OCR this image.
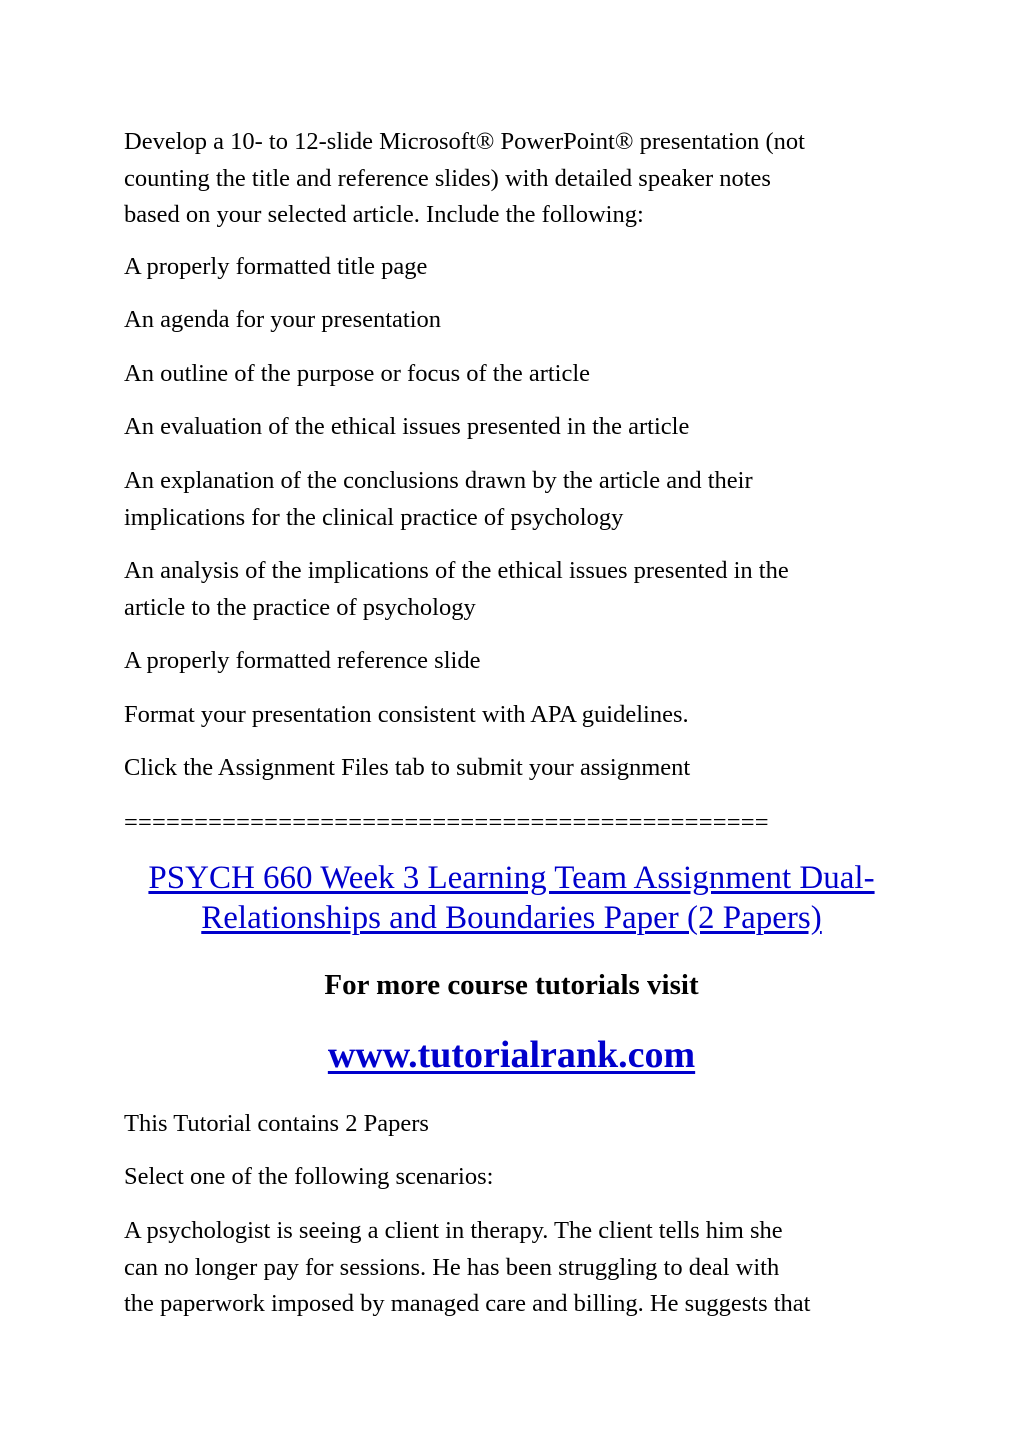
Develop a 10- to 12-slide Microsoft® PowerPoint® presentation (not
counting the title and reference slides) with detailed speaker notes
based on your selected article. Include the following:

A properly formatted title page

An agenda for your presentation

An outline of the purpose or focus of the article

An evaluation of the ethical issues presented in the article

An explanation of the conclusions drawn by the article and their
implications for the clinical practice of psychology

An analysis of the implications of the ethical issues presented in the
article to the practice of psychology

A properly formatted reference slide

Format your presentation consistent with APA guidelines.

Click the Assignment Files tab to submit your assignment

==============================================
PSYCH 660 Week 3 Learning Team Assignment Dual-
Relationships and Boundaries Paper (2 Papers)
For more course tutorials visit
www.tutorialrank.com

This Tutorial contains 2 Papers

Select one of the following scenarios:

A psychologist is seeing a client in therapy. The client tells him she
can no longer pay for sessions. He has been struggling to deal with
the paperwork imposed by managed care and billing. He suggests that
